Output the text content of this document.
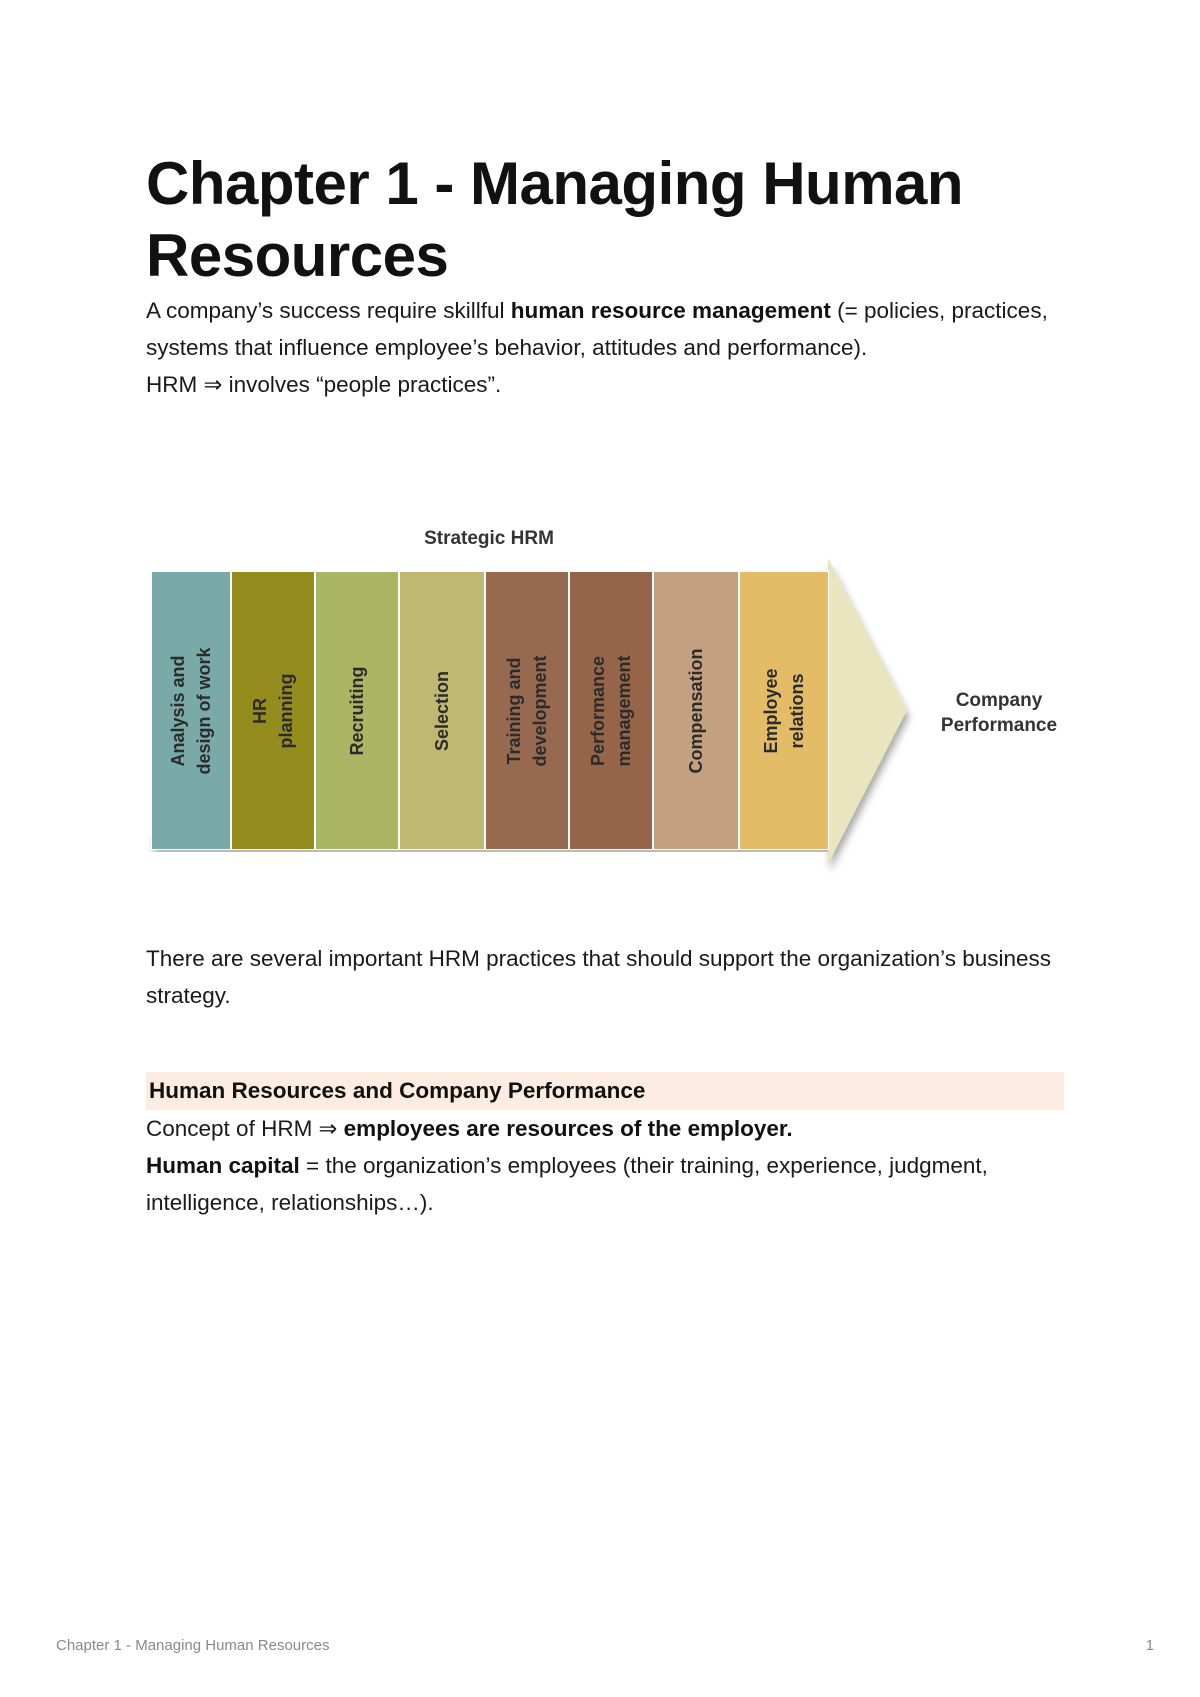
Chapter 1 - Managing Human Resources

A company’s success require skillful human resource management (= policies, practices, systems that influence employee’s behavior, attitudes and performance).

HRM ⇒ involves “people practices”.

Strategic HRM
Analysis and design of work HR planning	Recruiting	Selection	Training and development Performance management	Compensation	Employee relations	Company
Performance

There are several important HRM practices that should support the organization’s business strategy.

Human Resources and Company Performance

Concept of HRM ⇒ employees are resources of the employer.

Human capital = the organization’s employees (their training, experience, judgment, intelligence, relationships…).

Chapter 1 - Managing Human Resources	1
